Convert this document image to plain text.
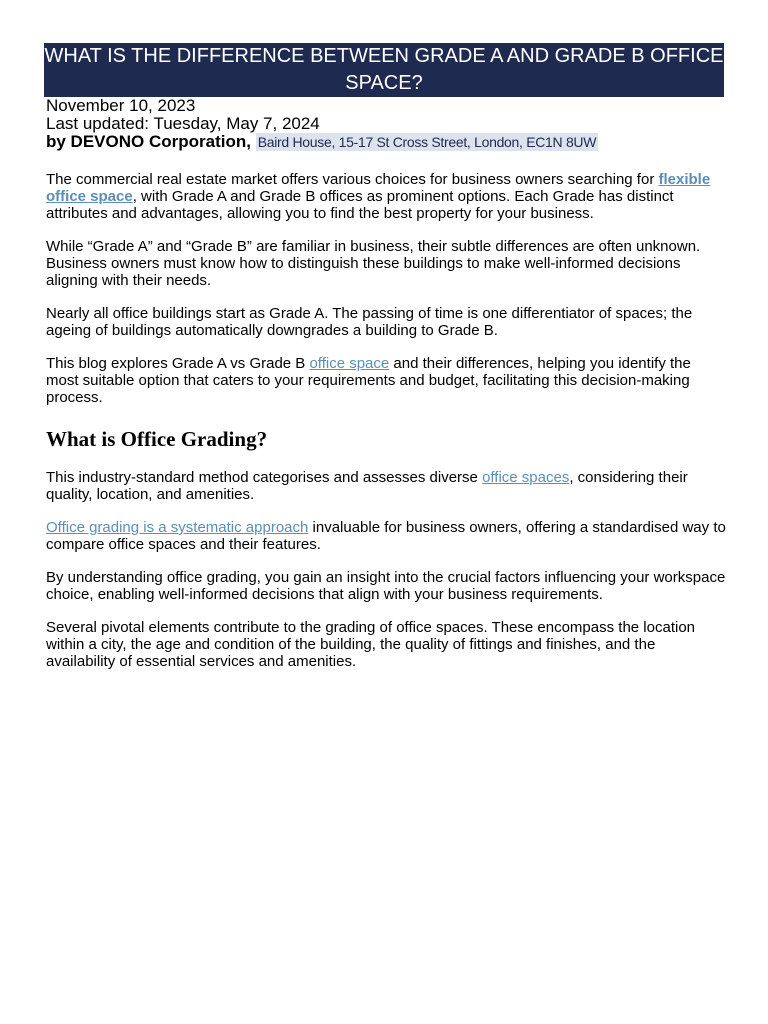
WHAT IS THE DIFFERENCE BETWEEN GRADE A AND GRADE B OFFICE SPACE?
November 10, 2023
Last updated: Tuesday, May 7, 2024
by DEVONO Corporation, Baird House, 15-17 St Cross Street, London, EC1N 8UW

The commercial real estate market offers various choices for business owners searching for flexible office space, with Grade A and Grade B offices as prominent options. Each Grade has distinct attributes and advantages, allowing you to find the best property for your business.

While “Grade A” and “Grade B” are familiar in business, their subtle differences are often unknown. Business owners must know how to distinguish these buildings to make well-informed decisions aligning with their needs.

Nearly all office buildings start as Grade A. The passing of time is one differentiator of spaces; the ageing of buildings automatically downgrades a building to Grade B.

This blog explores Grade A vs Grade B office space and their differences, helping you identify the most suitable option that caters to your requirements and budget, facilitating this decision-making process.

What is Office Grading?

This industry-standard method categorises and assesses diverse office spaces, considering their quality, location, and amenities.

Office grading is a systematic approach invaluable for business owners, offering a standardised way to compare office spaces and their features.

By understanding office grading, you gain an insight into the crucial factors influencing your workspace choice, enabling well-informed decisions that align with your business requirements.

Several pivotal elements contribute to the grading of office spaces. These encompass the location within a city, the age and condition of the building, the quality of fittings and finishes, and the availability of essential services and amenities.
